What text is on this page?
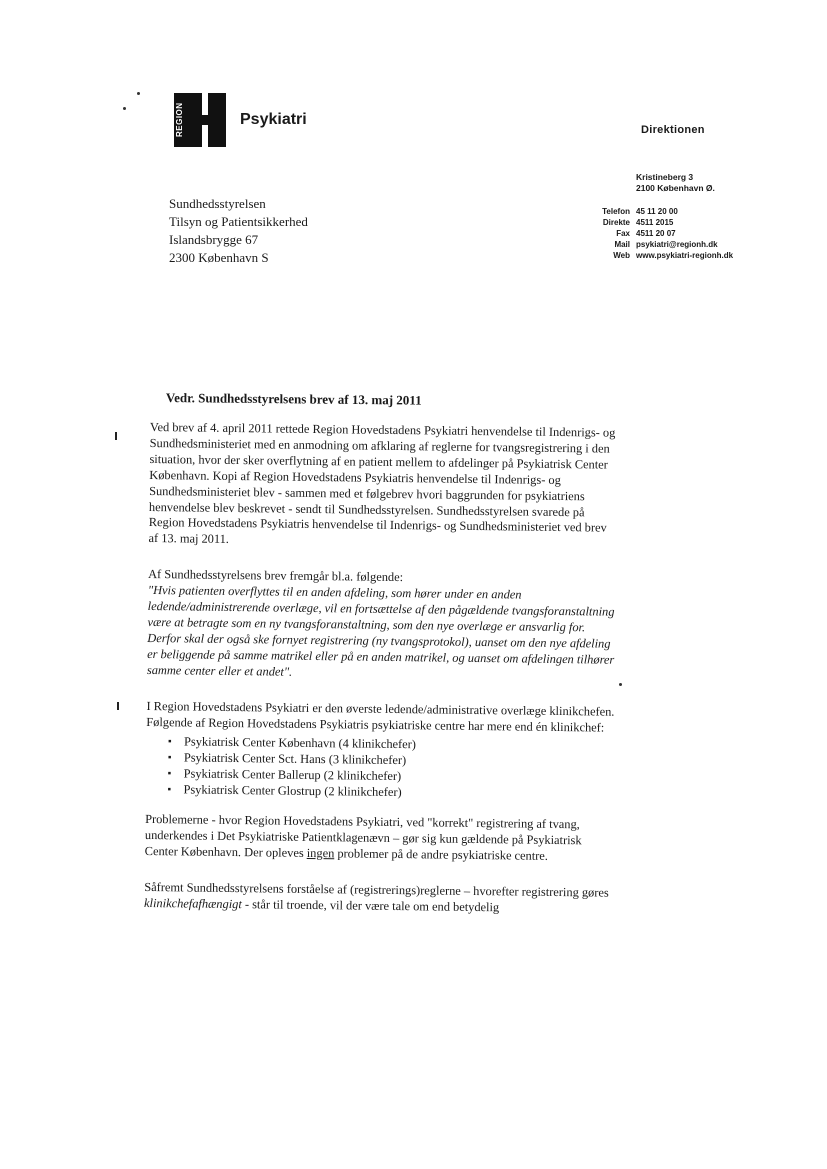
REGION	Psykiatri
Direktionen
Kristineberg 3
2100 København Ø.
Telefon 45 11 20 00
Direkte 4511 2015
Fax 4511 20 07
Mail psykiatri@regionh.dk
Web www.psykiatri-regionh.dk
Sundhedsstyrelsen
Tilsyn og Patientsikkerhed
Islandsbrygge 67
2300 København S
Vedr. Sundhedsstyrelsens brev af 13. maj 2011

Ved brev af 4. april 2011 rettede Region Hovedstadens Psykiatri henvendelse til Indenrigs- og Sundhedsministeriet med en anmodning om afklaring af reglerne for tvangsregistrering i den situation, hvor der sker overflytning af en patient mellem to afdelinger på Psykiatrisk Center København. Kopi af Region Hovedstadens Psykiatris henvendelse til Indenrigs- og Sundhedsministeriet blev - sammen med et følgebrev hvori baggrunden for psykiatriens henvendelse blev beskrevet - sendt til Sundhedsstyrelsen. Sundhedsstyrelsen svarede på Region Hovedstadens Psykiatris henvendelse til Indenrigs- og Sundhedsministeriet ved brev af 13. maj 2011.

Af Sundhedsstyrelsens brev fremgår bl.a. følgende:
"Hvis patienten overflyttes til en anden afdeling, som hører under en anden ledende/administrerende overlæge, vil en fortsættelse af den pågældende tvangsforanstaltning være at betragte som en ny tvangsforanstaltning, som den nye overlæge er ansvarlig for. Derfor skal der også ske fornyet registrering (ny tvangsprotokol), uanset om den nye afdeling er beliggende på samme matrikel eller på en anden matrikel, og uanset om afdelingen tilhører samme center eller et andet".

I Region Hovedstadens Psykiatri er den øverste ledende/administrative overlæge klinikchefen. Følgende af Region Hovedstadens Psykiatris psykiatriske centre har mere end én klinikchef:

▪ Psykiatrisk Center København (4 klinikchefer)
▪ Psykiatrisk Center Sct. Hans (3 klinikchefer)
▪ Psykiatrisk Center Ballerup (2 klinikchefer)
▪ Psykiatrisk Center Glostrup (2 klinikchefer)

Problemerne - hvor Region Hovedstadens Psykiatri, ved "korrekt" registrering af tvang, underkendes i Det Psykiatriske Patientklagenævn – gør sig kun gældende på Psykiatrisk Center København. Der opleves ingen problemer på de andre psykiatriske centre.

Såfremt Sundhedsstyrelsens forståelse af (registrerings)reglerne – hvorefter registrering gøres klinikchefafhængigt - står til troende, vil der være tale om end betydelig
